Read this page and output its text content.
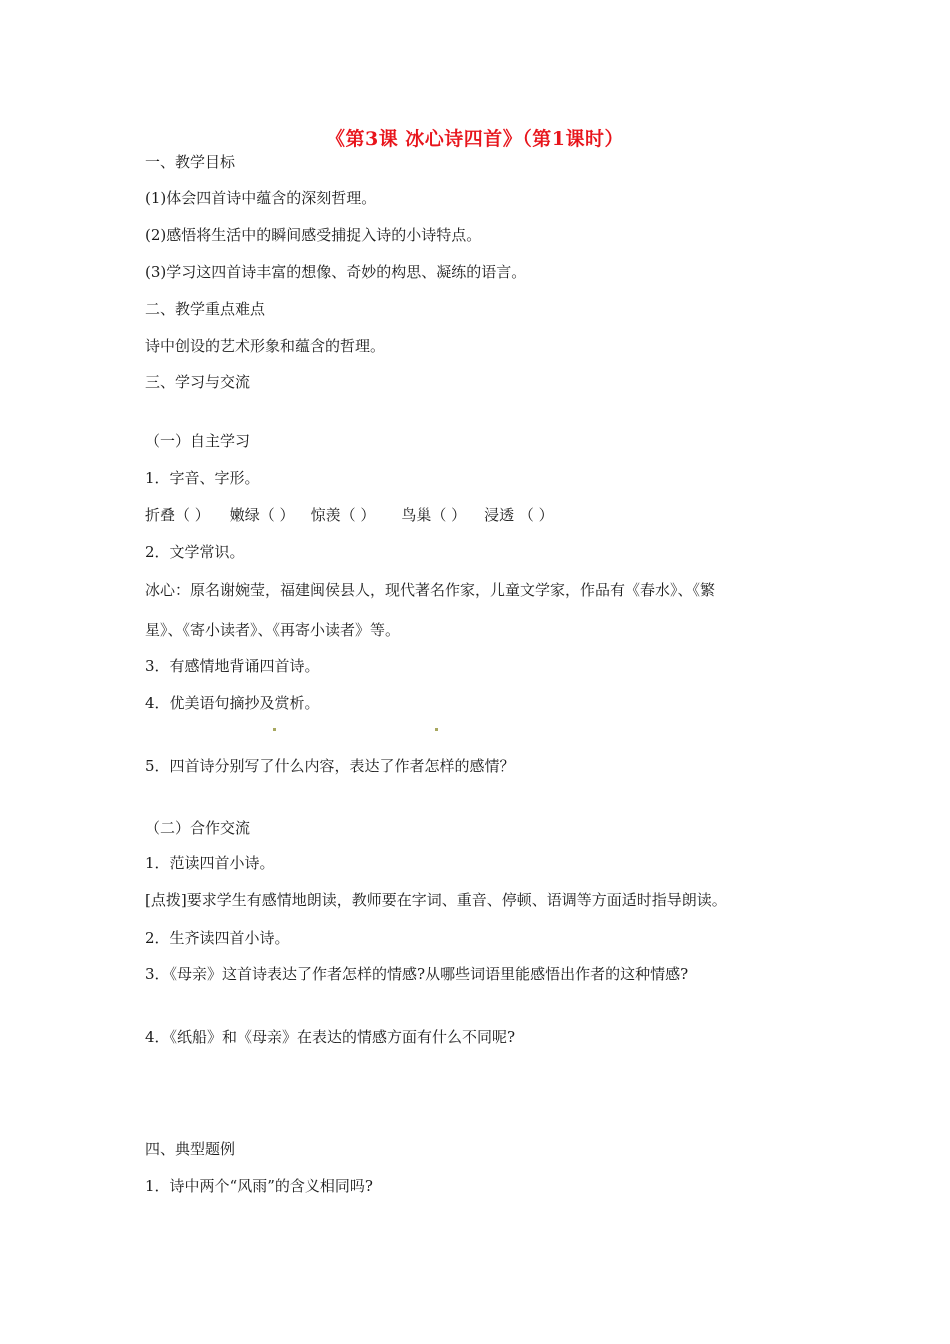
《第3课 冰心诗四首》（第1课时）
一、教学目标
(1)体会四首诗中蕴含的深刻哲理。
(2)感悟将生活中的瞬间感受捕捉入诗的小诗特点。
(3)学习这四首诗丰富的想像、奇妙的构思、凝练的语言。
二、教学重点难点
诗中创设的艺术形象和蕴含的哲理。
三、学习与交流
（一）自主学习
1．字音、字形。
折叠（ ） 嫩绿（ ） 惊羡（ ） 鸟巢（ ） 浸透 （ ）
2．文学常识。
冰心：原名谢婉莹，福建闽侯县人，现代著名作家，儿童文学家，作品有《春水》、《繁
星》、《寄小读者》、《再寄小读者》等。
3．有感情地背诵四首诗。
4．优美语句摘抄及赏析。
5．四首诗分别写了什么内容，表达了作者怎样的感情？
（二）合作交流
1．范读四首小诗。
[点拨]要求学生有感情地朗读，教师要在字词、重音、停顿、语调等方面适时指导朗读。
2．生齐读四首小诗。
3．《母亲》这首诗表达了作者怎样的情感?从哪些词语里能感悟出作者的这种情感?
4．《纸船》和《母亲》在表达的情感方面有什么不同呢?
四、典型题例
1．诗中两个“风雨”的含义相同吗?
